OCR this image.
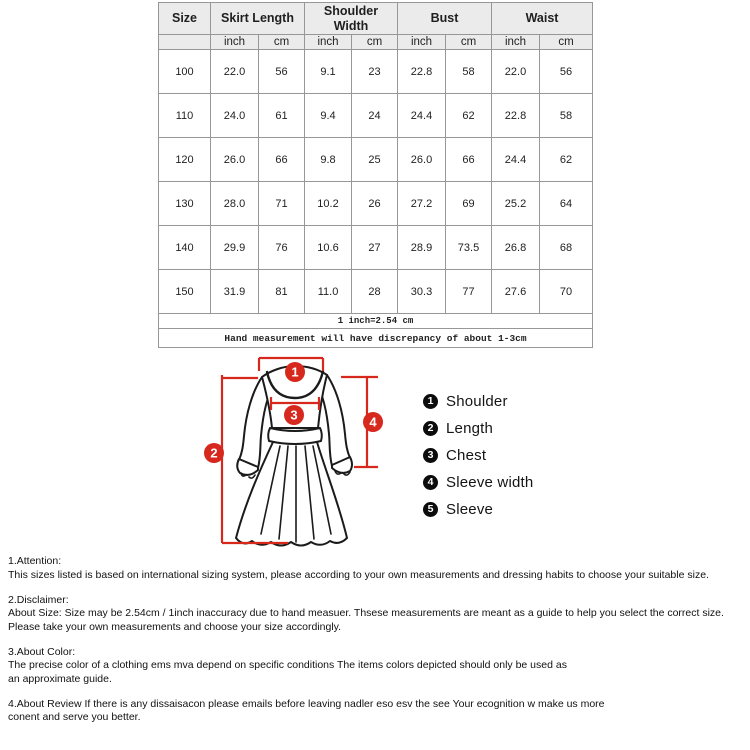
Size	Skirt Length		Shoulder Width		Bust		Waist	
	inch	cm	inch	cm	inch	cm	inch	cm
100	22.0	56	9.1	23	22.8	58	22.0	56
110	24.0	61	9.4	24	24.4	62	22.8	58
120	26.0	66	9.8	25	26.0	66	24.4	62
130	28.0	71	10.2	26	27.2	69	25.2	64
140	29.9	76	10.6	27	28.9	73.5	26.8	68
150	31.9	81	11.0	28	30.3	77	27.6	70
1 inch=2.54 cm								
Hand measurement will have discrepancy of about 1-3cm								
1
2
3	4
1 Shoulder
2 Length
3 Chest
4 Sleeve width
5 Sleeve

1.Attention:
This sizes listed is based on international sizing system, please according to your own measurements and dressing habits to choose your suitable size.

2.Disclaimer:
About Size: Size may be 2.54cm / 1inch inaccuracy due to hand measuer. Thsese measurements are meant as a guide to help you select the correct size.
Please take your own measurements and choose your size accordingly.

3.About Color:
The precise color of a clothing ems mva depend on specific conditions The items colors depicted should only be used as
an approximate guide.

4.About Review If there is any dissaisacon please emails before leaving nadler eso esv the see Your ecognition w make us more
conent and serve you better.
